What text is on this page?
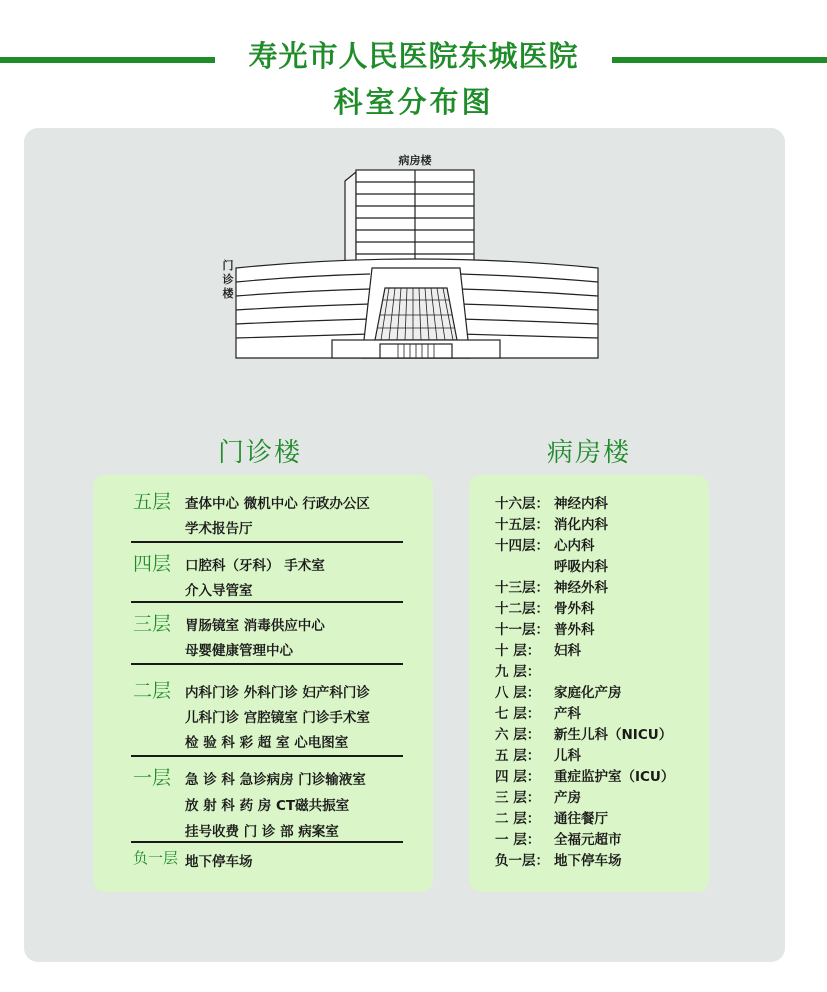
寿光市人民医院东城医院
科室分布图
病房楼
门
诊
楼
门诊楼	病房楼
五层 查体中心 微机中心 行政办公区
学术报告厅
四层 口腔科（牙科） 手术室
介入导管室
三层 胃肠镜室 消毒供应中心
母婴健康管理中心
二层 内科门诊 外科门诊 妇产科门诊
儿科门诊 宫腔镜室 门诊手术室
检 验 科 彩 超 室 心电图室
一层 急 诊 科 急诊病房 门诊输液室
放 射 科 药 房 CT磁共振室
挂号收费 门 诊 部 病案室
负一层 地下停车场
十六层： 神经内科
十五层： 消化内科
十四层： 心内科
呼吸内科
十三层： 神经外科
十二层： 骨外科
十一层： 普外科
十 层： 妇科
九 层：
八 层： 家庭化产房
七 层： 产科
六 层： 新生儿科（NICU）
五 层： 儿科
四 层： 重症监护室（ICU）
三 层： 产房
二 层： 通往餐厅
一 层： 全福元超市
负一层： 地下停车场
